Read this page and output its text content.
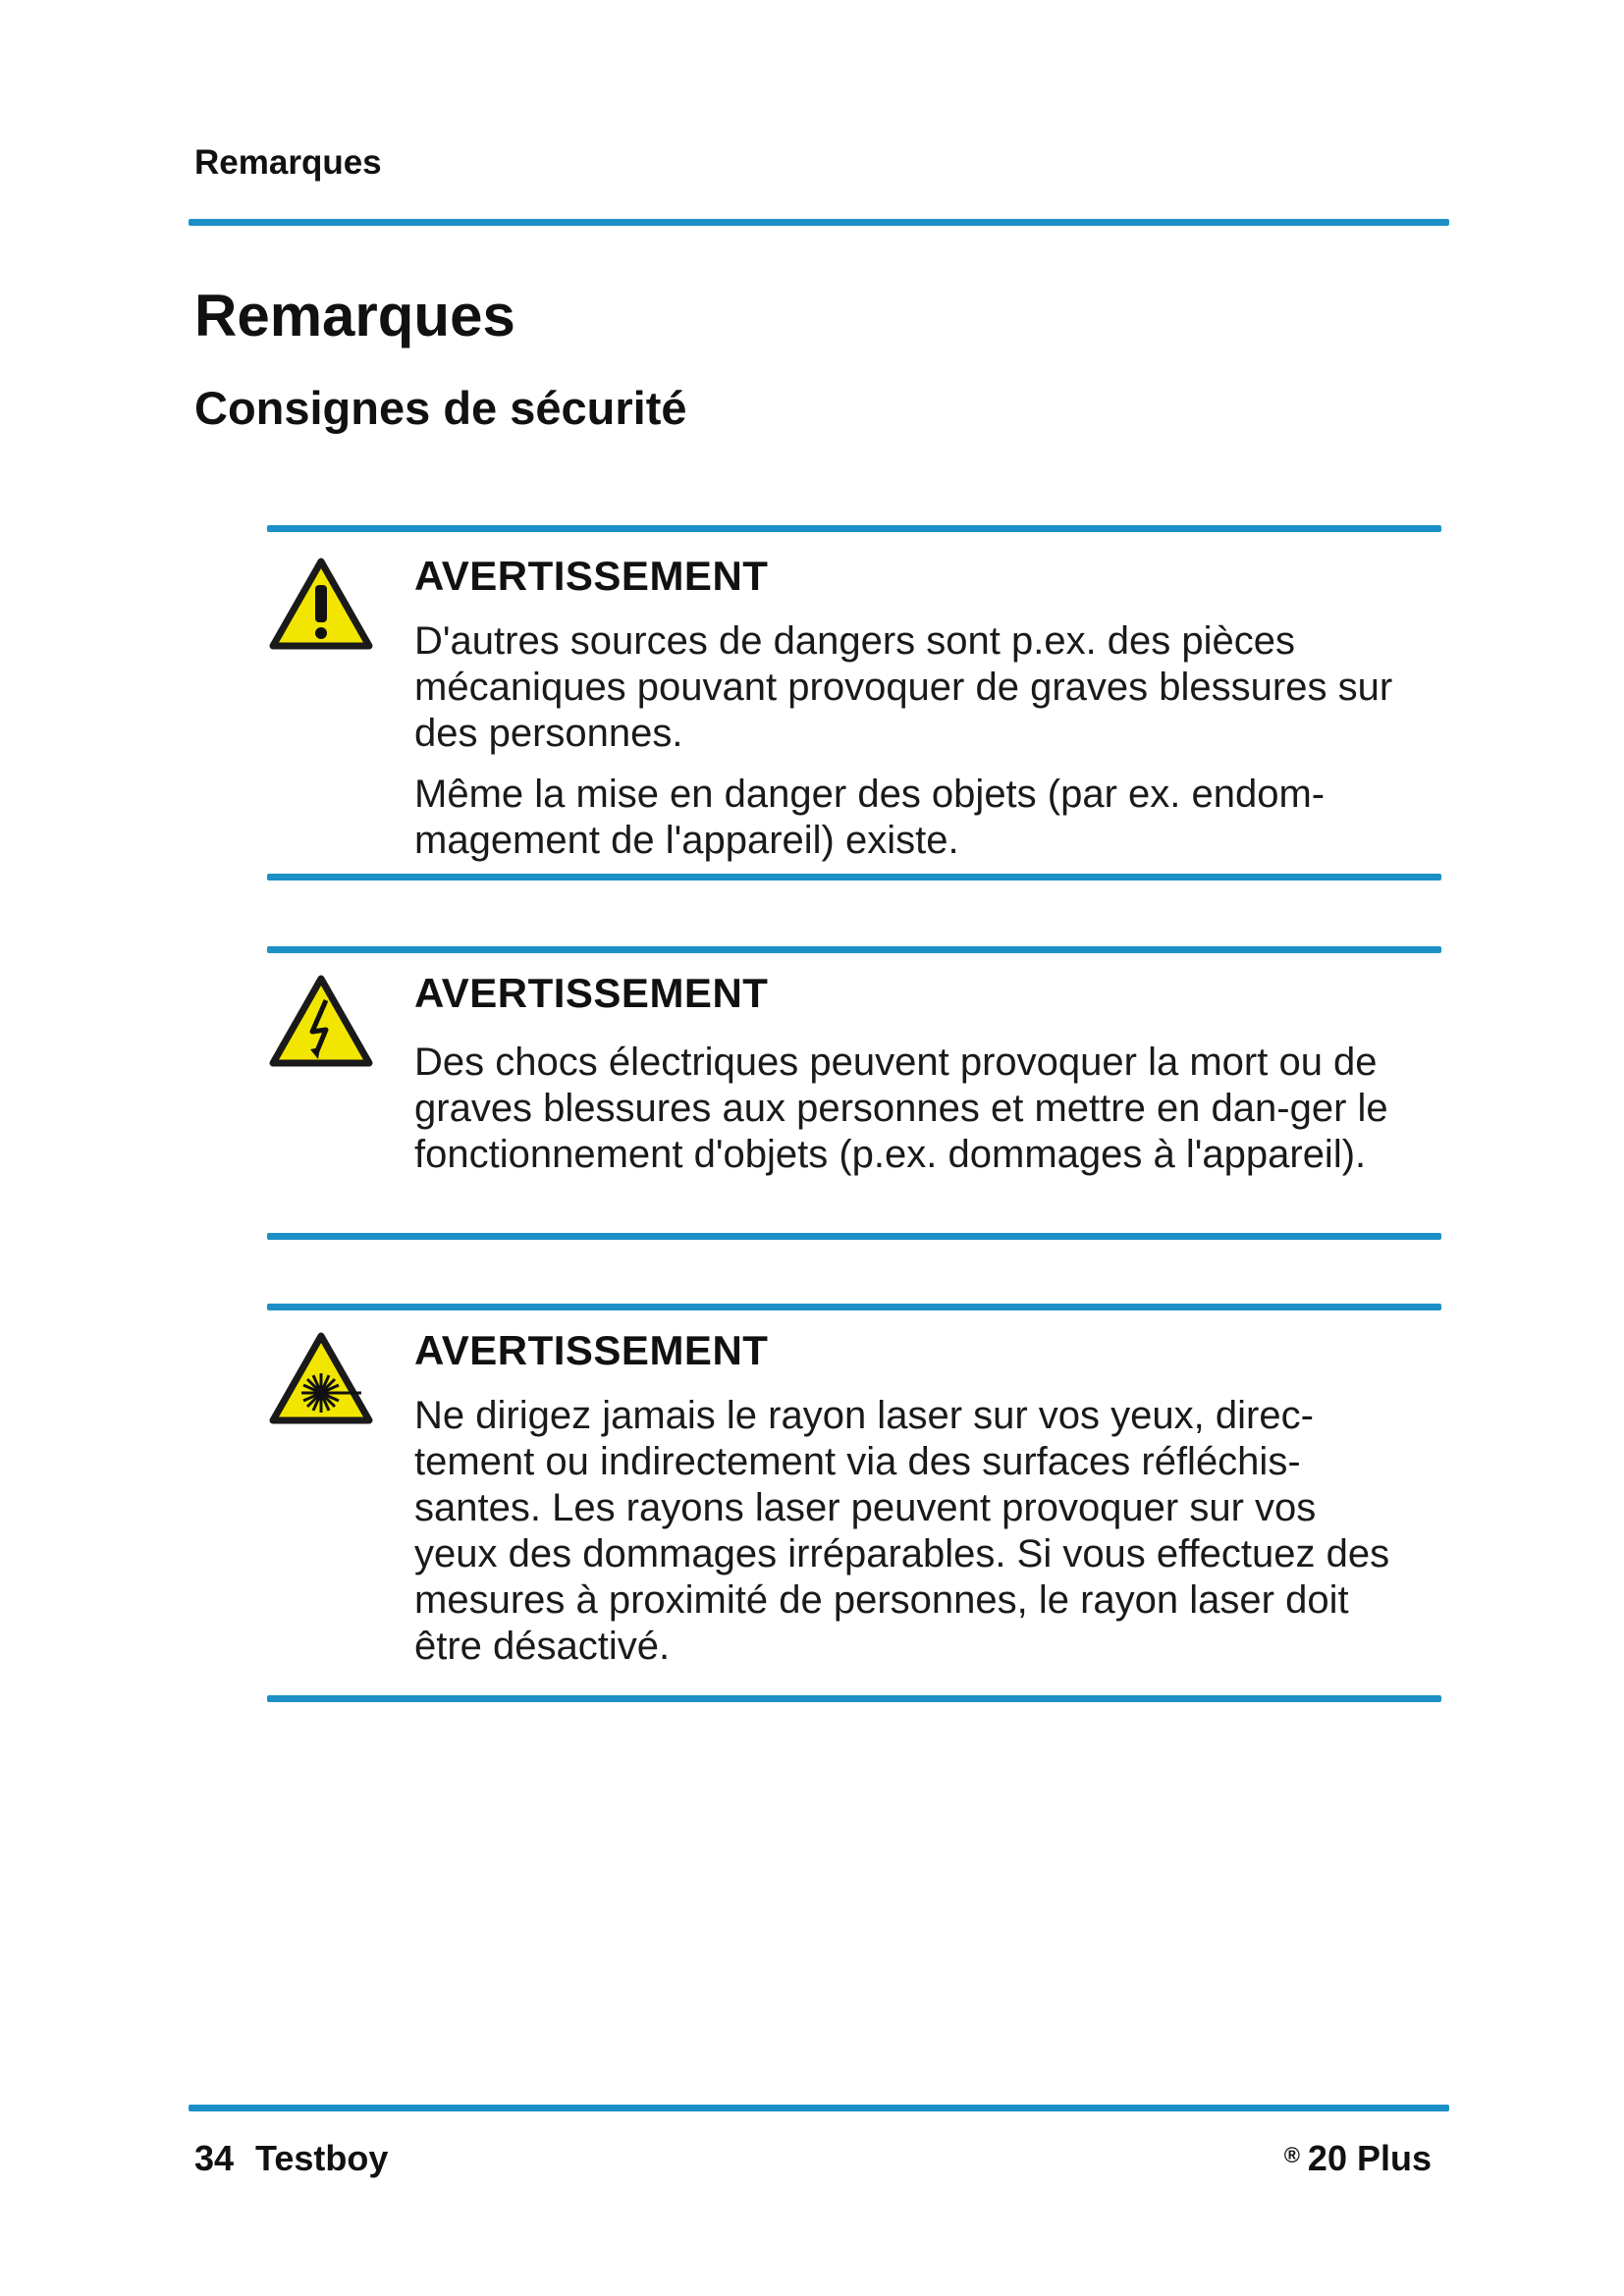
Remarques
Remarques
Consignes de sécurité
AVERTISSEMENT

D'autres sources de dangers sont p.ex. des pièces mécaniques pouvant provoquer de graves blessures sur des personnes.

Même la mise en danger des objets (par ex. endom-magement de l'appareil) existe.

AVERTISSEMENT

Des chocs électriques peuvent provoquer la mort ou de graves blessures aux personnes et mettre en dan-ger le fonctionnement d'objets (p.ex. dommages à l'appareil).

AVERTISSEMENT

Ne dirigez jamais le rayon laser sur vos yeux, direc-tement ou indirectement via des surfaces réfléchis-santes. Les rayons laser peuvent provoquer sur vos yeux des dommages irréparables. Si vous effectuez des mesures à proximité de personnes, le rayon laser doit être désactivé.

34 Testboy	® 20 Plus
